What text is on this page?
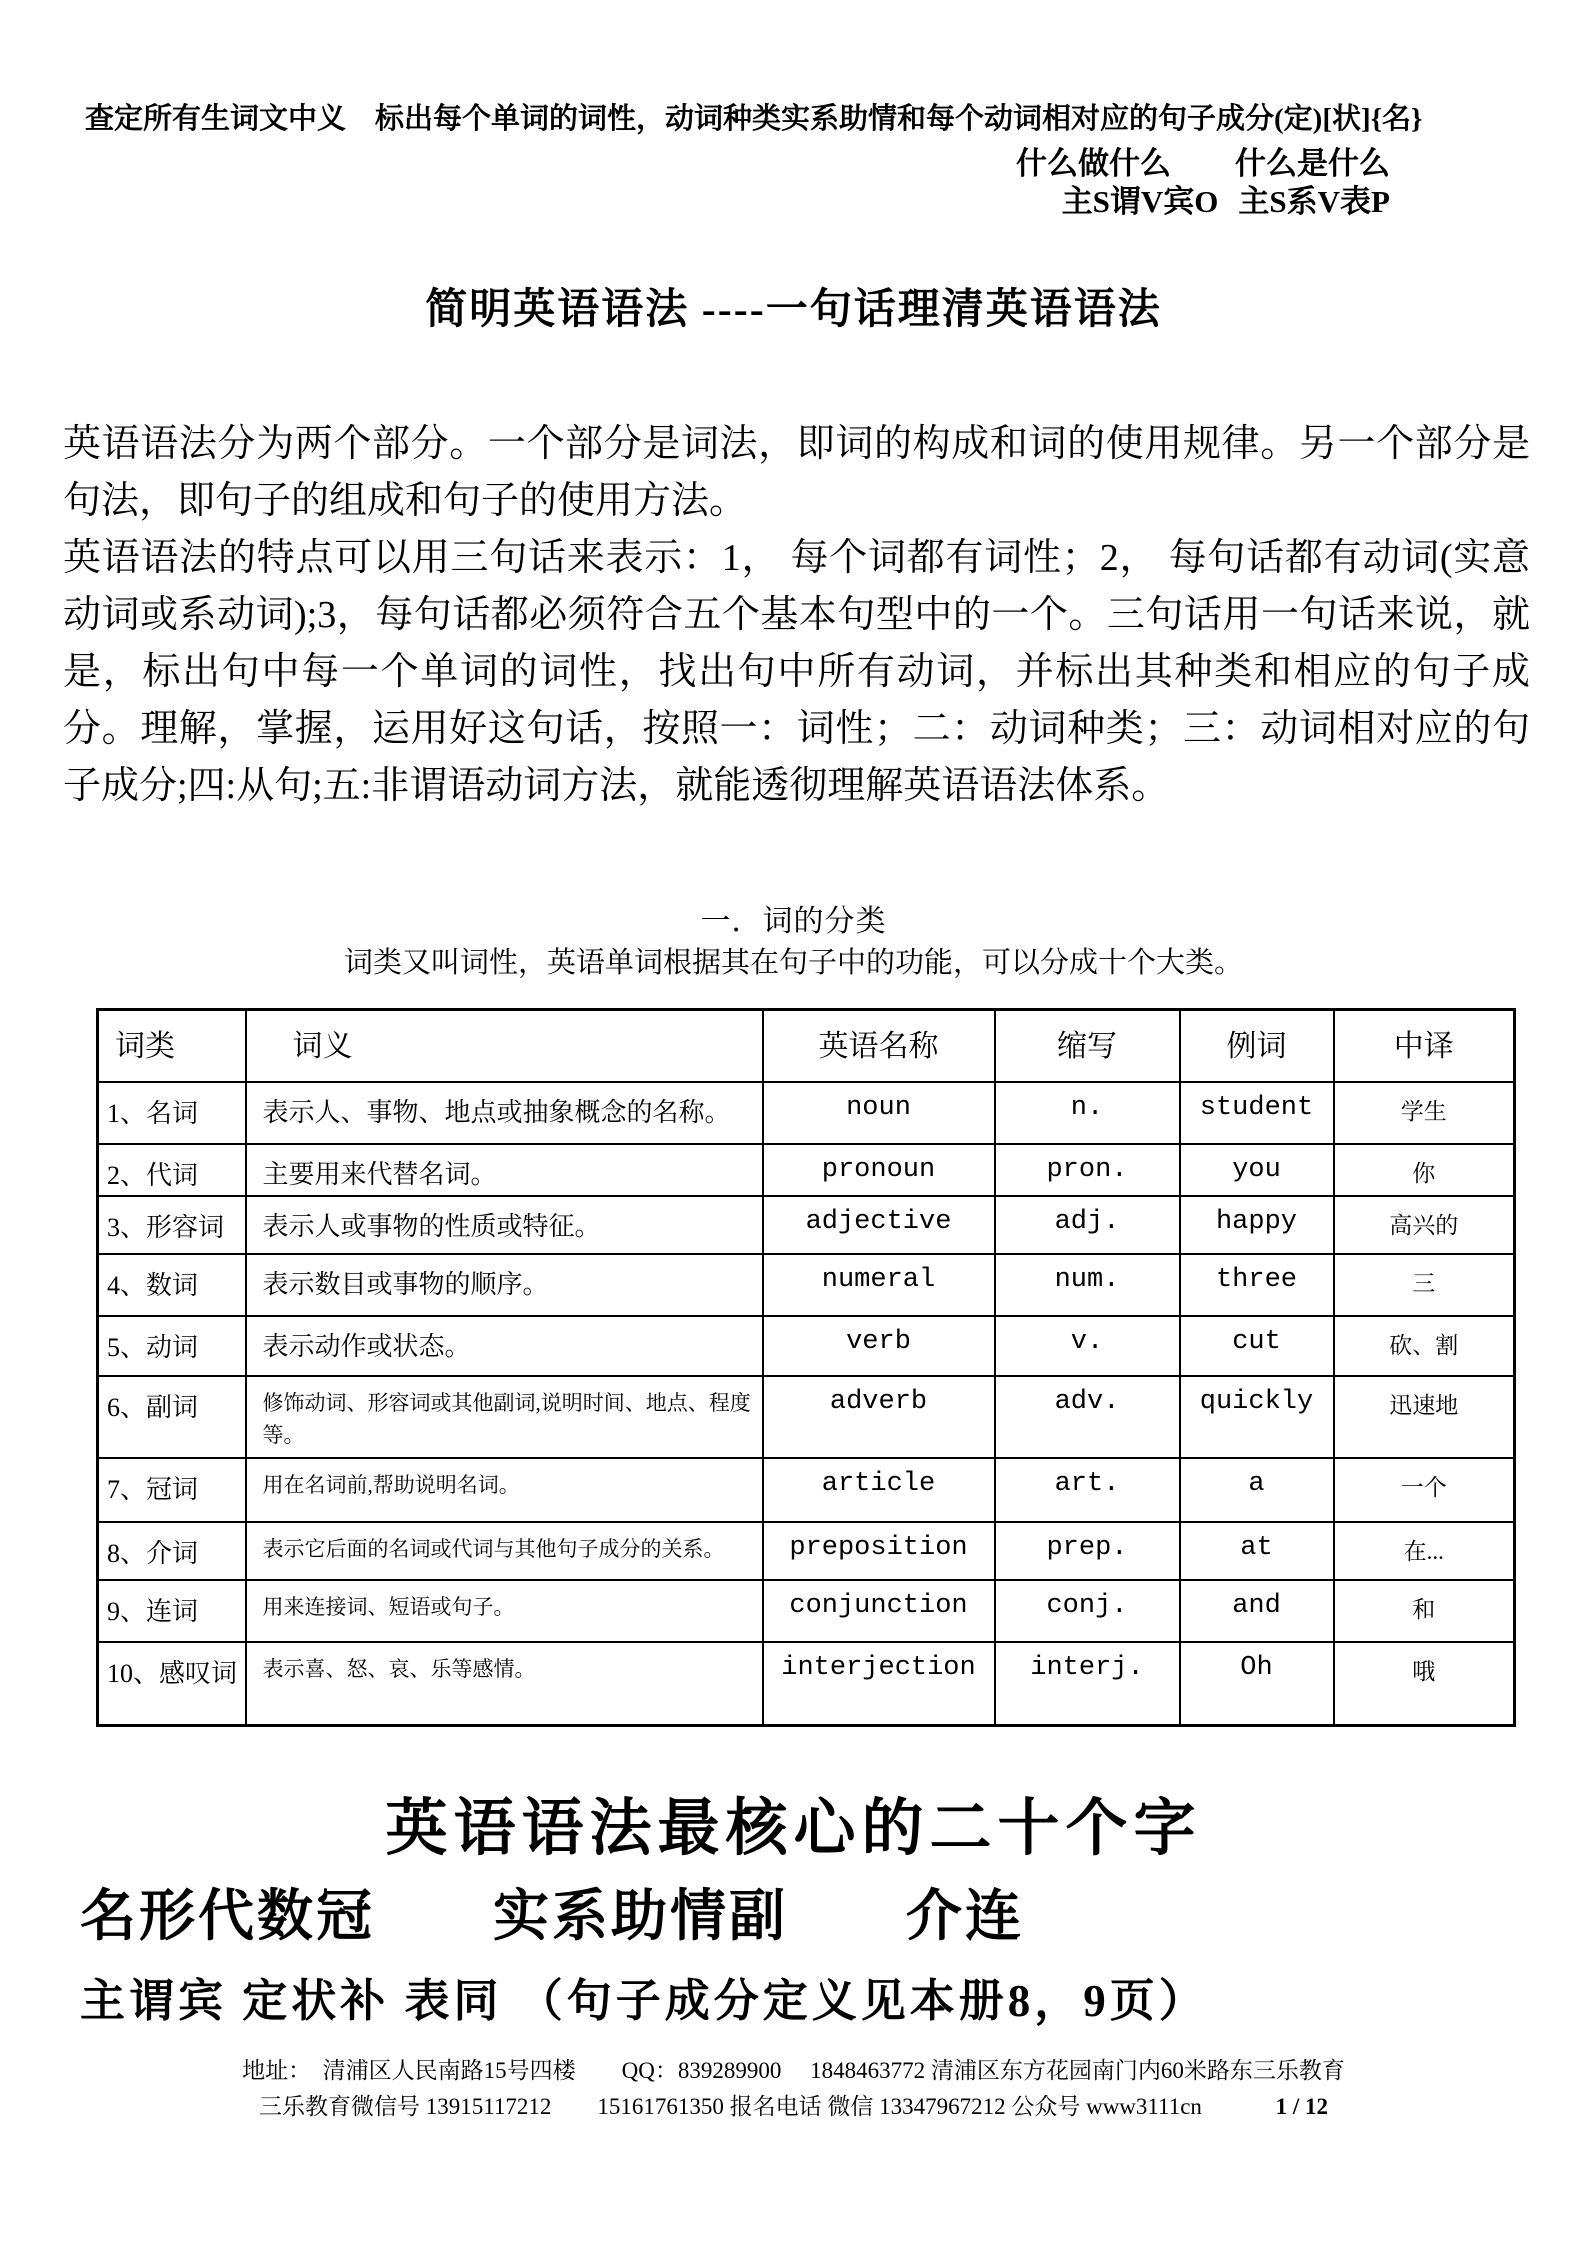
查定所有生词文中义　标出每个单词的词性，动词种类实系助情和每个动词相对应的句子成分(定)[状]{名}
什么做什么 什么是什么
主S谓V宾O 主S系V表P
简明英语语法 ----一句话理清英语语法

英语语法分为两个部分。一个部分是词法，即词的构成和词的使用规律。另一个部分是句法，即句子的组成和句子的使用方法。

英语语法的特点可以用三句话来表示：1， 每个词都有词性；2， 每句话都有动词(实意动词或系动词);3，每句话都必须符合五个基本句型中的一个。三句话用一句话来说，就是，标出句中每一个单词的词性，找出句中所有动词，并标出其种类和相应的句子成分。理解，掌握，运用好这句话，按照一：词性；二：动词种类；三：动词相对应的句子成分;四:从句;五:非谓语动词方法，就能透彻理解英语语法体系。

一．词的分类
词类又叫词性，英语单词根据其在句子中的功能，可以分成十个大类。
词类	词义	英语名称	缩写	例词	中译
1、名词	表示人、事物、地点或抽象概念的名称。	noun	n.	student	学生
2、代词	主要用来代替名词。	pronoun	pron.	you	你
3、形容词	表示人或事物的性质或特征。	adjective	adj.	happy	高兴的
4、数词	表示数目或事物的顺序。	numeral	num.	three	三
5、动词	表示动作或状态。	verb	v.	cut	砍、割
6、副词	修饰动词、形容词或其他副词,说明时间、地点、程度等。	adverb	adv.	quickly	迅速地
7、冠词	用在名词前,帮助说明名词。	article	art.	a	一个
8、介词	表示它后面的名词或代词与其他句子成分的关系。	preposition	prep.	at	在...
9、连词	用来连接词、短语或句子。	conjunction	conj.	and	和
10、感叹词	表示喜、怒、哀、乐等感情。	interjection	interj.	Oh	哦
英语语法最核心的二十个字
名形代数冠　　实系助情副　　介连
主谓宾 定状补 表同 （句子成分定义见本册8，9页）
地址：　清浦区人民南路15号四楼　　QQ：839289900　 1848463772 清浦区东方花园南门内60米路东三乐教育
三乐教育微信号 13915117212　　15161761350 报名电话 微信 13347967212 公众号 www3111cn	1 / 12
